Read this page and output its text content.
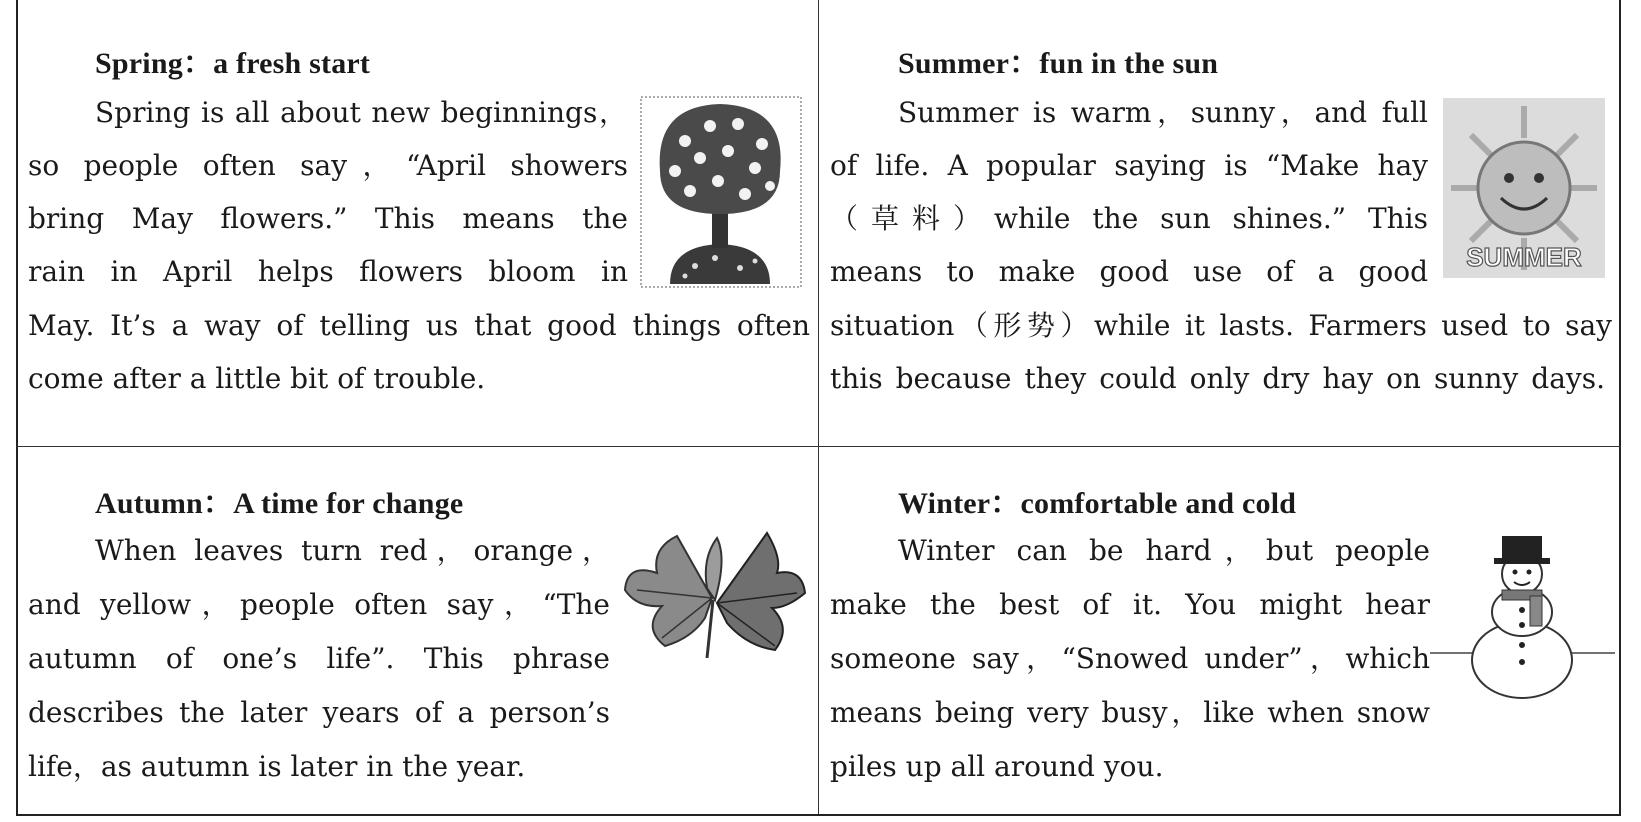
Spring：a fresh start
Spring is all about new beginnings，
so people often say，“April showers
bring May flowers.” This means the
rain in April helps flowers bloom in
May. It’s a way of telling us that good things often
come after a little bit of trouble.
Summer：fun in the sun
Summer is warm，sunny，and full
of life. A popular saying is “Make hay
（草料）while the sun shines.” This
means to make good use of a good
situation（形势）while it lasts. Farmers used to say
this because they could only dry hay on sunny days.
SUMMER
Autumn：A time for change
When leaves turn red，orange，
and yellow，people often say，“The
autumn of one’s life”. This phrase
describes the later years of a person’s
life，as autumn is later in the year.
Winter：comfortable and cold
Winter can be hard，but people
make the best of it. You might hear
someone say，“Snowed under”，which
means being very busy，like when snow
piles up all around you.
